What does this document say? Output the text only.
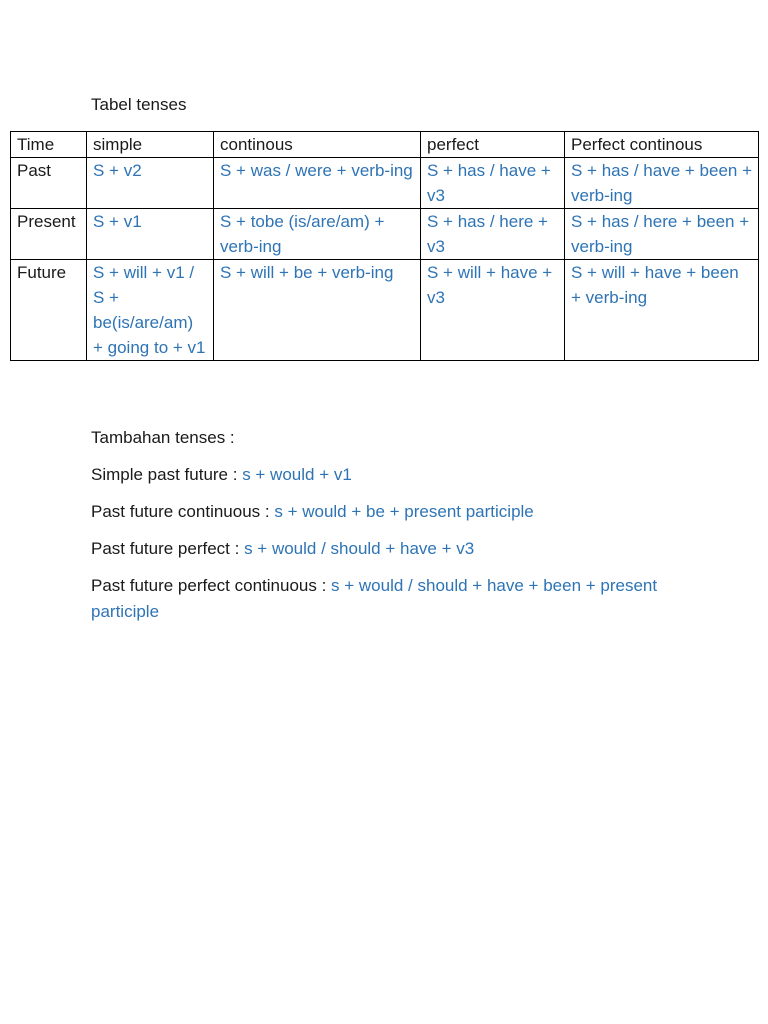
Tabel tenses
Time	simple	continous	perfect	Perfect continous
Past	S + v2	S + was / were + verb-ing	S + has / have + v3	S + has / have + been + verb-ing
Present	S + v1	S + tobe (is/are/am) + verb-ing	S + has / here + v3	S + has / here + been + verb-ing
Future	S + will + v1 / S + be(is/are/am) + going to + v1	S + will + be + verb-ing	S + will + have + v3	S + will + have + been + verb-ing

Tambahan tenses :

Simple past future : s + would + v1

Past future continuous : s + would + be + present participle

Past future perfect : s + would / should + have + v3

Past future perfect continuous : s + would / should + have + been + present participle
